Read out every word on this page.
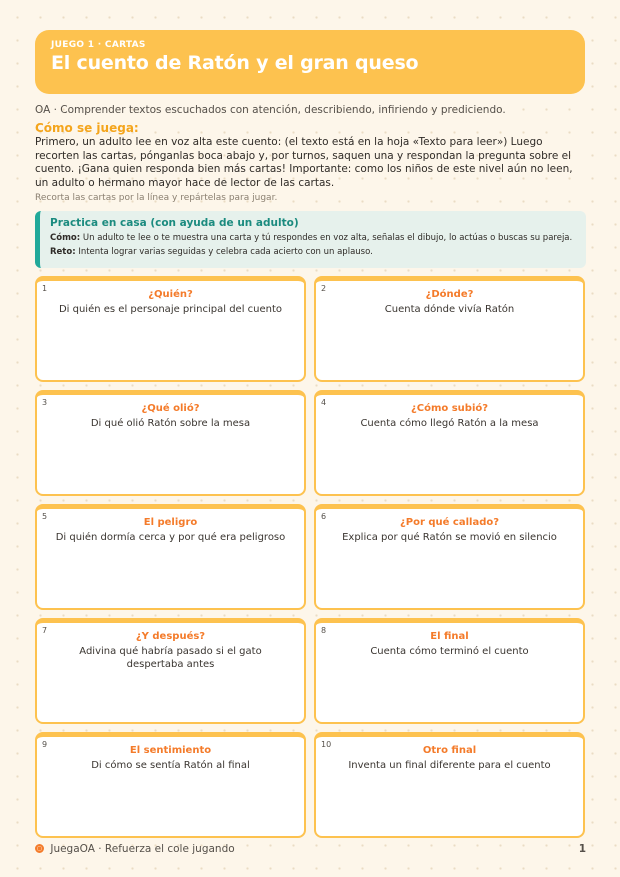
JUEGO 1 · CARTAS
El cuento de Ratón y el gran queso
OA · Comprender textos escuchados con atención, describiendo, infiriendo y prediciendo.
Cómo se juega:
Primero, un adulto lee en voz alta este cuento: (el texto está en la hoja «Texto para leer») Luego recorten las cartas, pónganlas boca abajo y, por turnos, saquen una y respondan la pregunta sobre el cuento. ¡Gana quien responda bien más cartas! Importante: como los niños de este nivel aún no leen, un adulto o hermano mayor hace de lector de las cartas.
Recorta las cartas por la línea y repártelas para jugar.
Practica en casa (con ayuda de un adulto)
Cómo: Un adulto te lee o te muestra una carta y tú respondes en voz alta, señalas el dibujo, lo actúas o buscas su pareja.
Reto: Intenta lograr varias seguidas y celebra cada acierto con un aplauso.
1
¿Quién?
Di quién es el personaje principal del cuento
2
¿Dónde?
Cuenta dónde vivía Ratón
3
¿Qué olió?
Di qué olió Ratón sobre la mesa
4
¿Cómo subió?
Cuenta cómo llegó Ratón a la mesa
5
El peligro
Di quién dormía cerca y por qué era peligroso
6
¿Por qué callado?
Explica por qué Ratón se movió en silencio
7
¿Y después?
Adivina qué habría pasado si el gato despertaba antes
8
El final
Cuenta cómo terminó el cuento
9
El sentimiento
Di cómo se sentía Ratón al final
10
Otro final
Inventa un final diferente para el cuento
JuegaOA · Refuerza el cole jugando	1
